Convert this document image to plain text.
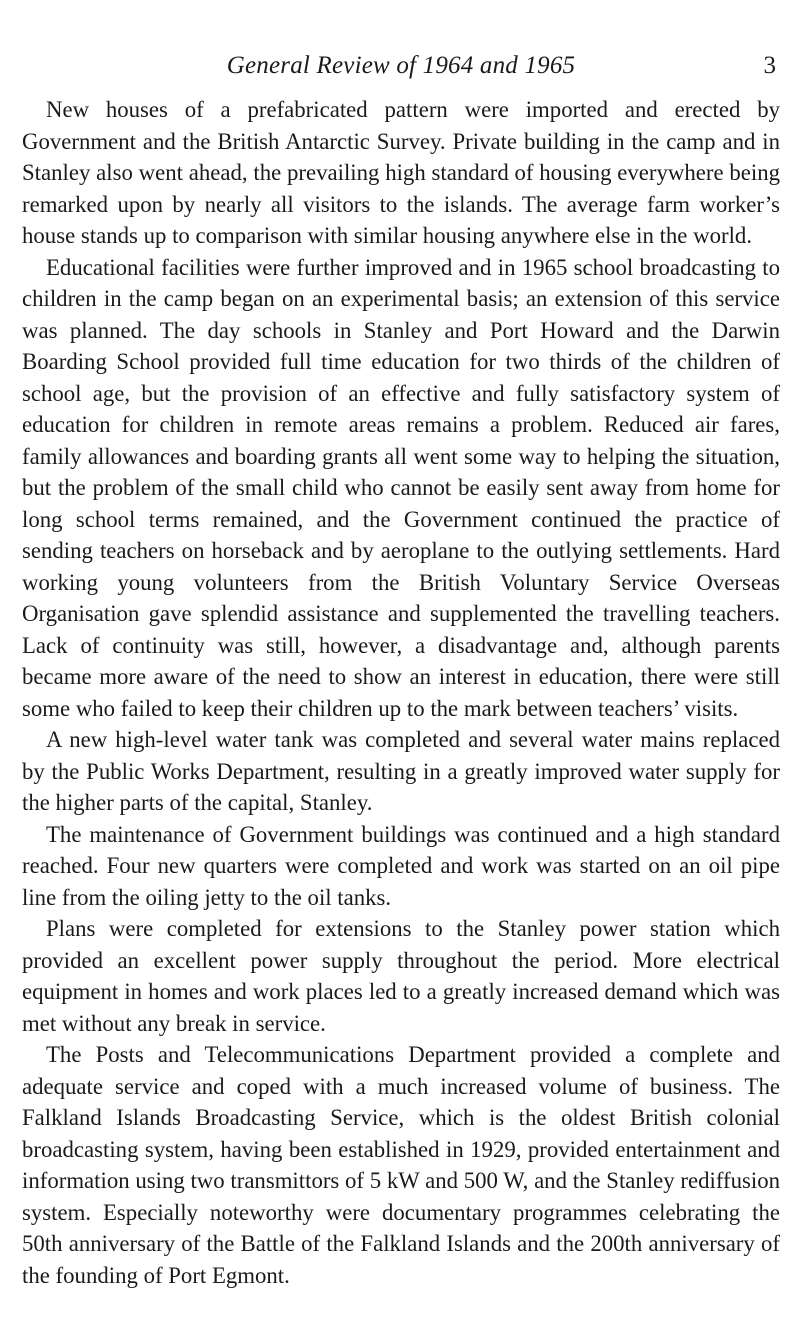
General Review of 1964 and 1965	3

New houses of a prefabricated pattern were imported and erected by Government and the British Antarctic Survey. Private building in the camp and in Stanley also went ahead, the prevailing high standard of housing everywhere being remarked upon by nearly all visitors to the islands. The average farm worker’s house stands up to comparison with similar housing anywhere else in the world.

Educational facilities were further improved and in 1965 school broadcasting to children in the camp began on an experimental basis; an extension of this service was planned. The day schools in Stanley and Port Howard and the Darwin Boarding School provided full time education for two thirds of the children of school age, but the provision of an effective and fully satisfactory system of education for children in remote areas remains a problem. Reduced air fares, family allowances and boarding grants all went some way to helping the situation, but the problem of the small child who cannot be easily sent away from home for long school terms remained, and the Government continued the practice of sending teachers on horseback and by aeroplane to the outlying settlements. Hard working young volunteers from the British Voluntary Service Overseas Organisation gave splendid assistance and supplemented the travelling teachers. Lack of continuity was still, however, a disadvantage and, although parents became more aware of the need to show an interest in education, there were still some who failed to keep their children up to the mark between teachers’ visits.

A new high-level water tank was completed and several water mains replaced by the Public Works Department, resulting in a greatly improved water supply for the higher parts of the capital, Stanley.

The maintenance of Government buildings was continued and a high standard reached. Four new quarters were completed and work was started on an oil pipe line from the oiling jetty to the oil tanks.

Plans were completed for extensions to the Stanley power station which provided an excellent power supply throughout the period. More electrical equipment in homes and work places led to a greatly increased demand which was met without any break in service.

The Posts and Telecommunications Department provided a complete and adequate service and coped with a much increased volume of business. The Falkland Islands Broadcasting Service, which is the oldest British colonial broadcasting system, having been established in 1929, provided entertainment and information using two transmittors of 5 kW and 500 W, and the Stanley rediffusion system. Especially noteworthy were documentary programmes celebrating the 50th anniversary of the Battle of the Falkland Islands and the 200th anniversary of the founding of Port Egmont.
